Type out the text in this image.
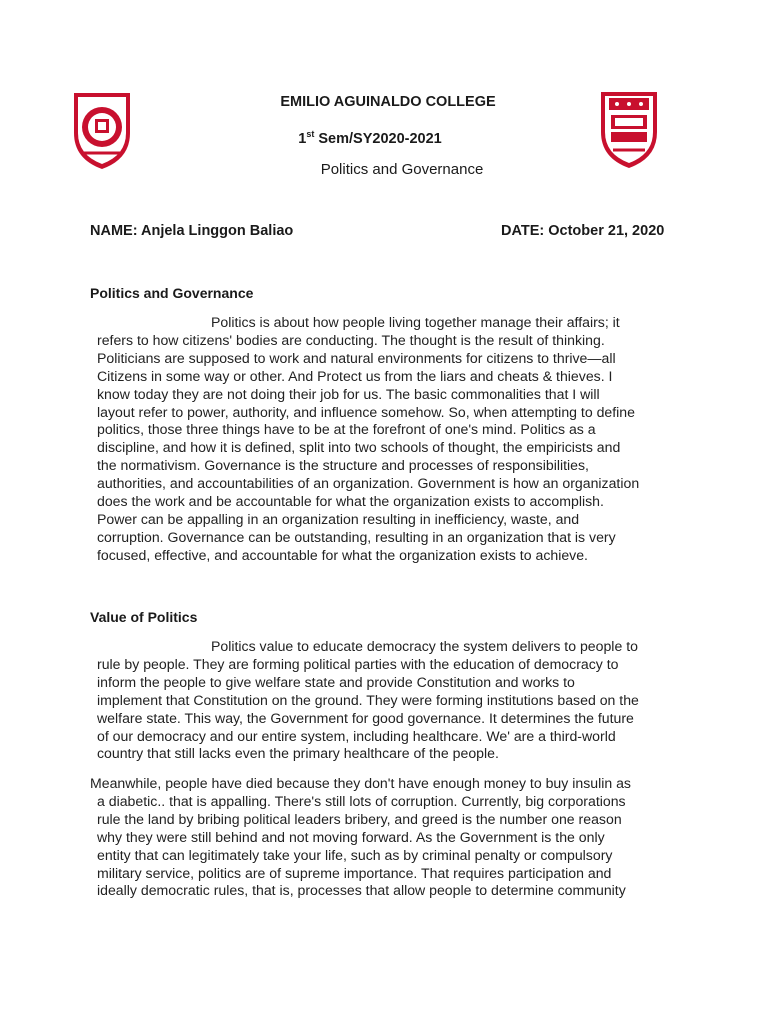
EMILIO AGUINALDO COLLEGE
1st Sem/SY2020-2021
Politics and Governance
NAME: Anjela Linggon Baliao	DATE: October 21, 2020
Politics and Governance
Politics is about how people living together manage their affairs; it
refers to how citizens' bodies are conducting. The thought is the result of thinking.
Politicians are supposed to work and natural environments for citizens to thrive—all
Citizens in some way or other. And Protect us from the liars and cheats & thieves. I
know today they are not doing their job for us. The basic commonalities that I will
layout refer to power, authority, and influence somehow. So, when attempting to define
politics, those three things have to be at the forefront of one's mind. Politics as a
discipline, and how it is defined, split into two schools of thought, the empiricists and
the normativism. Governance is the structure and processes of responsibilities,
authorities, and accountabilities of an organization. Government is how an organization
does the work and be accountable for what the organization exists to accomplish.
Power can be appalling in an organization resulting in inefficiency, waste, and
corruption. Governance can be outstanding, resulting in an organization that is very
focused, effective, and accountable for what the organization exists to achieve.
Value of Politics
Politics value to educate democracy the system delivers to people to
rule by people. They are forming political parties with the education of democracy to
inform the people to give welfare state and provide Constitution and works to
implement that Constitution on the ground. They were forming institutions based on the
welfare state. This way, the Government for good governance. It determines the future
of our democracy and our entire system, including healthcare. We' are a third-world
country that still lacks even the primary healthcare of the people.
Meanwhile, people have died because they don't have enough money to buy insulin as
a diabetic.. that is appalling. There's still lots of corruption. Currently, big corporations
rule the land by bribing political leaders bribery, and greed is the number one reason
why they were still behind and not moving forward. As the Government is the only
entity that can legitimately take your life, such as by criminal penalty or compulsory
military service, politics are of supreme importance. That requires participation and
ideally democratic rules, that is, processes that allow people to determine community
